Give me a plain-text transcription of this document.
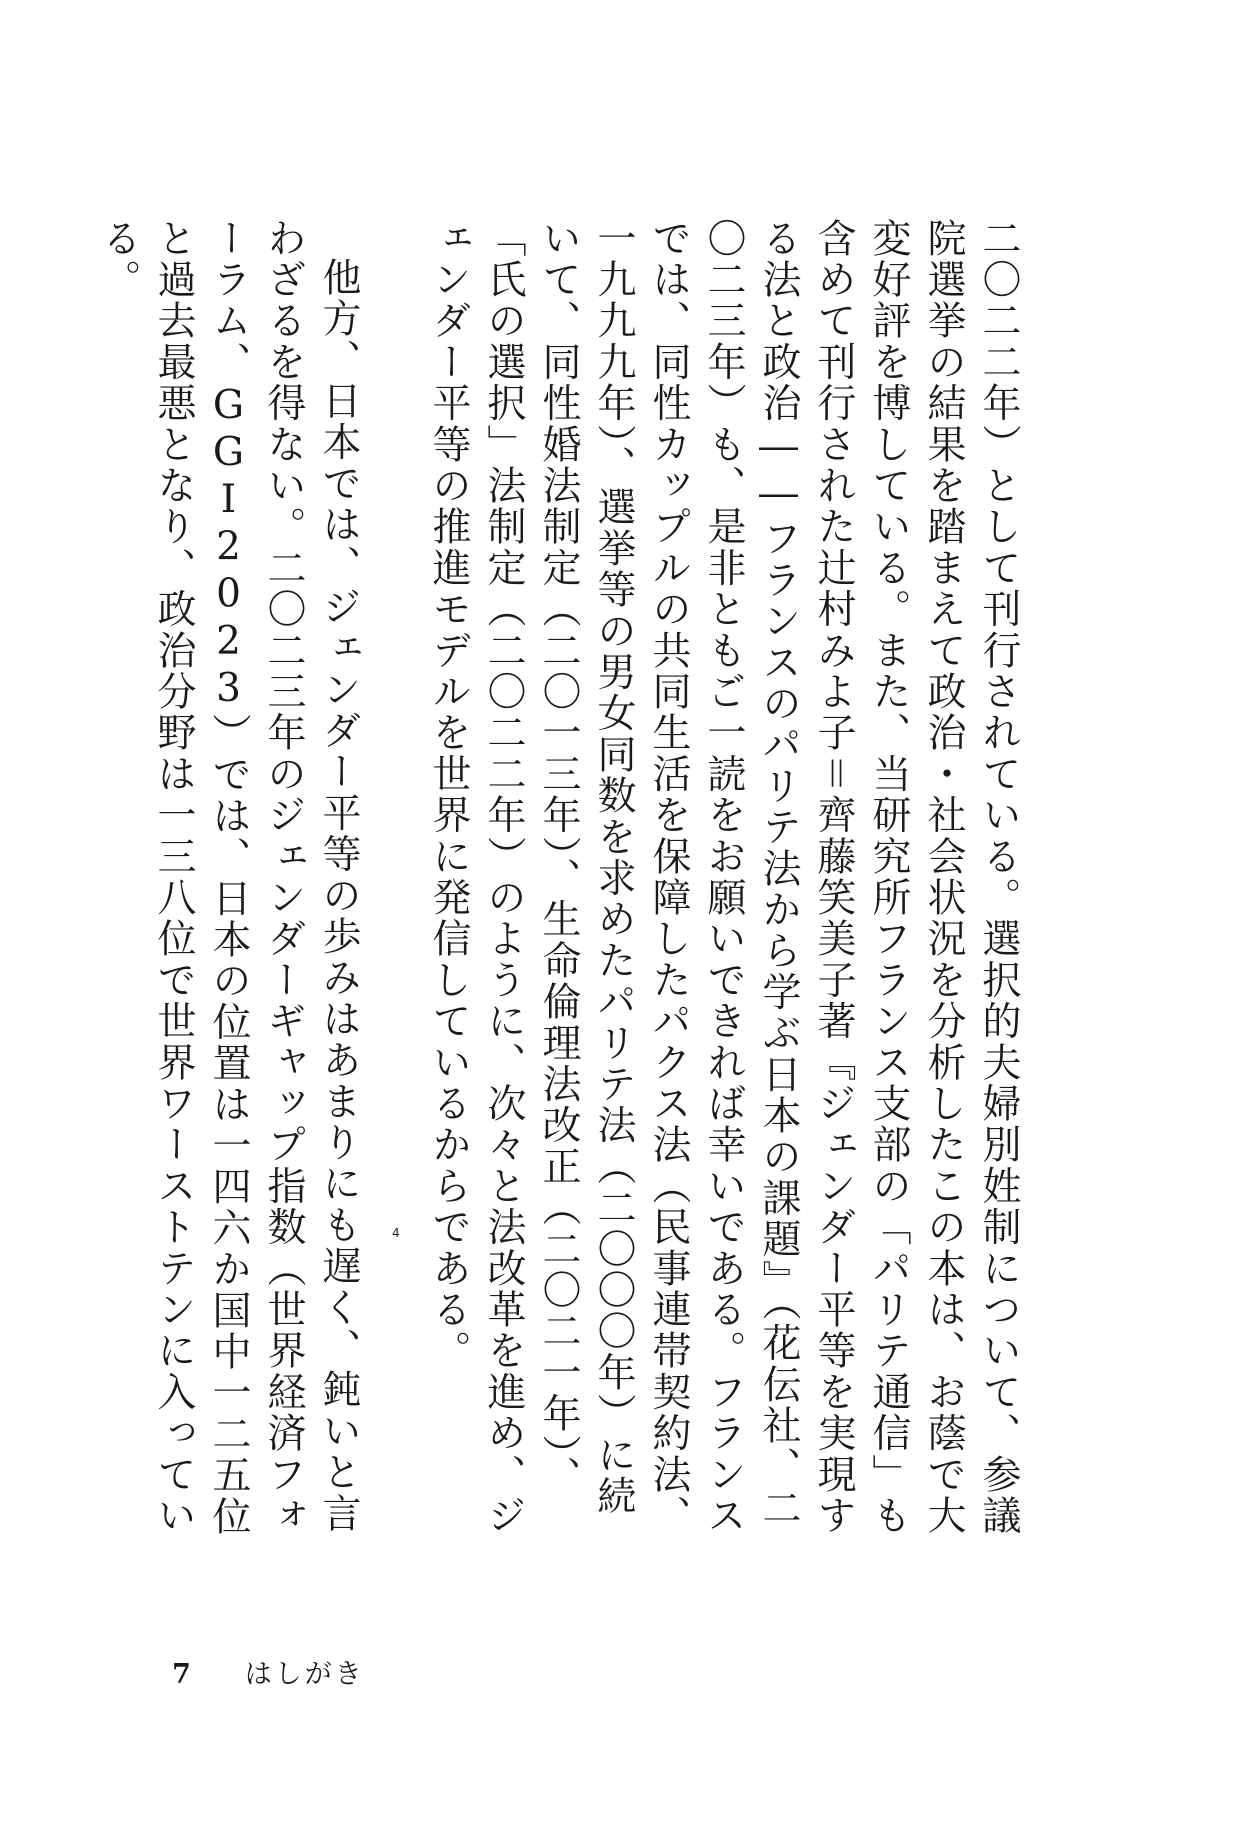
二〇二二年）として刊行されている。選択的夫婦別姓制について、参議院選挙の結果を踏まえて政治・社会状況を分析したこの本は、お蔭で大変好評を博している。また、当研究所フランス支部の「パリテ通信」も含めて刊行された辻村みよ子＝齊藤笑美子著『ジェンダー平等を実現する法と政治――フランスのパリテ法から学ぶ日本の課題』（花伝社、二〇二三年）も、是非ともご一読をお願いできれば幸いである。フランスでは、同性カップルの共同生活を保障したパクス法（民事連帯契約法、一九九九年）、選挙等の男女同数を求めたパリテ法（二〇〇〇年）に続いて、同性婚法制定（二〇一三年）、生命倫理法改正（二〇二一年）、「氏の選択」法制定（二〇二二年）のように、次々と法改革を進め、ジェンダー平等の推進モデルを世界に発信しているからである。

他方、日本では、ジェンダー平等の歩みはあまりにも遅く、鈍いと言わざるを得ない。二〇二三年のジェンダーギャップ指数（世界経済フォーラム、GGI2023）では、日本の位置は一四六か国中一二五位と過去最悪となり、政治分野は一三八位で世界ワーストテンに入っている。

4
7 はしがき
